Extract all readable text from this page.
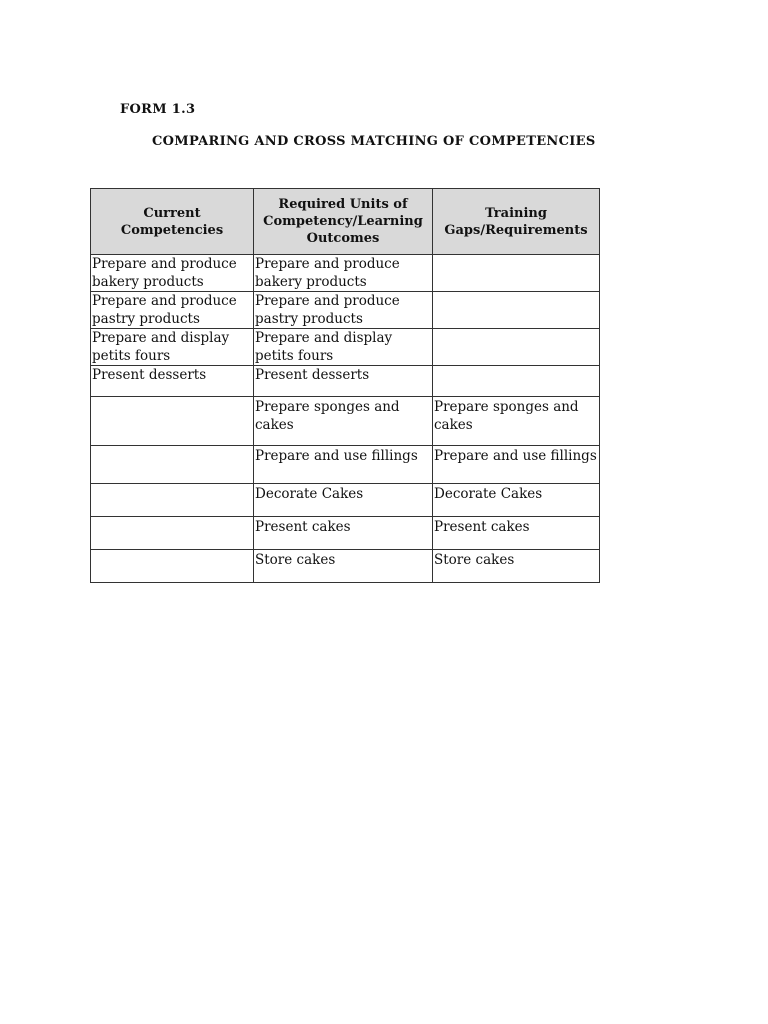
FORM 1.3
COMPARING AND CROSS MATCHING OF COMPETENCIES
Current Competencies	Required Units of Competency/Learning Outcomes	Training Gaps/Requirements
Prepare and produce bakery products	Prepare and produce bakery products	
Prepare and produce pastry products	Prepare and produce pastry products	
Prepare and display petits fours	Prepare and display petits fours	
Present desserts	Present desserts	
	Prepare sponges and cakes	Prepare sponges and cakes
	Prepare and use fillings	Prepare and use fillings
	Decorate Cakes	Decorate Cakes
	Present cakes	Present cakes
	Store cakes	Store cakes
